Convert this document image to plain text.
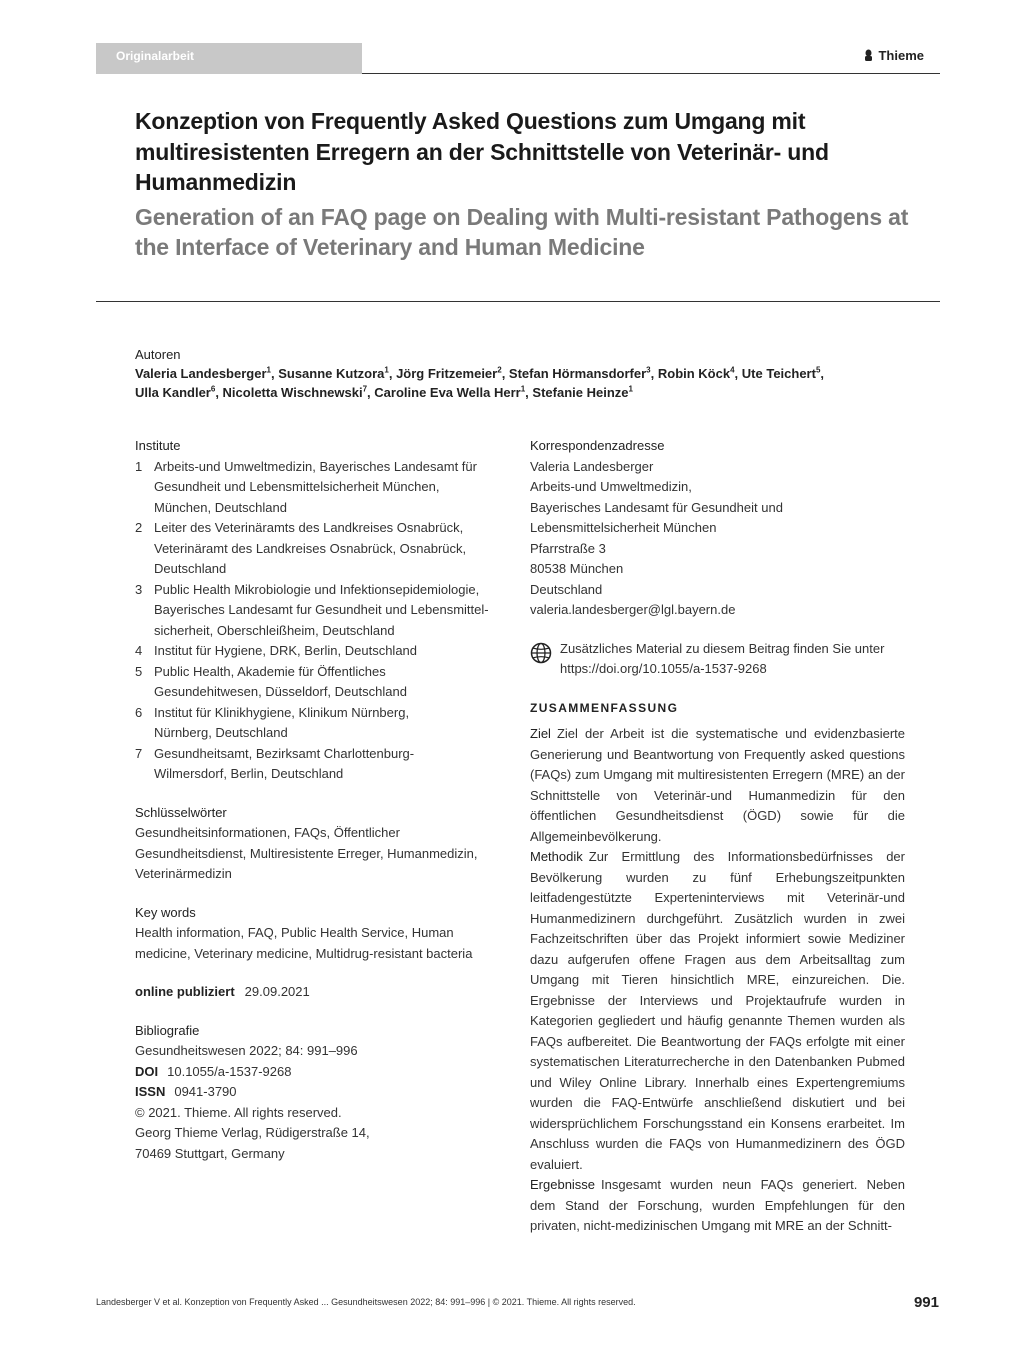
Originalarbeit	Thieme
Konzeption von Frequently Asked Questions zum Umgang mit multiresistenten Erregern an der Schnittstelle von Veterinär- und Humanmedizin
Generation of an FAQ page on Dealing with Multi-resistant Pathogens at the Interface of Veterinary and Human Medicine
Autoren
Valeria Landesberger$^1$, Susanne Kutzora$^1$, Jörg Fritzemeier$^2$, Stefan Hörmansdorfer$^3$, Robin Köck$^4$, Ute Teichert$^5$,
Ulla Kandler$^6$, Nicoletta Wischnewski$^7$, Caroline Eva Wella Herr$^1$, Stefanie Heinze$^1$
Institute
1 Arbeits-und Umweltmedizin, Bayerisches Landesamt für
Gesundheit und Lebensmittelsicherheit München,
München, Deutschland
2 Leiter des Veterinäramts des Landkreises Osnabrück,
Veterinäramt des Landkreises Osnabrück, Osnabrück,
Deutschland
3 Public Health Mikrobiologie und Infektionsepidemiologie,
Bayerisches Landesamt fur Gesundheit und Lebensmittel-
sicherheit, Oberschleißheim, Deutschland
4 Institut für Hygiene, DRK, Berlin, Deutschland
5 Public Health, Akademie für Öffentliches
Gesundehitwesen, Düsseldorf, Deutschland
6 Institut für Klinikhygiene, Klinikum Nürnberg,
Nürnberg, Deutschland
7 Gesundheitsamt, Bezirksamt Charlottenburg-
Wilmersdorf, Berlin, Deutschland
Schlüsselwörter
Gesundheitsinformationen, FAQs, Öffentlicher
Gesundheitsdienst, Multiresistente Erreger, Humanmedizin,
Veterinärmedizin
Key words
Health information, FAQ, Public Health Service, Human
medicine, Veterinary medicine, Multidrug-resistant bacteria
online publiziert 29.09.2021
Bibliografie
Gesundheitswesen 2022; 84: 991–996
DOI 10.1055/a-1537-9268
ISSN 0941-3790
© 2021. Thieme. All rights reserved.
Georg Thieme Verlag, Rüdigerstraße 14,
70469 Stuttgart, Germany
Korrespondenzadresse
Valeria Landesberger
Arbeits-und Umweltmedizin,
Bayerisches Landesamt für Gesundheit und
Lebensmittelsicherheit München
Pfarrstraße 3
80538 München
Deutschland
valeria.landesberger@lgl.bayern.de
Zusätzliches Material zu diesem Beitrag finden Sie unter
https://doi.org/10.1055/a-1537-9268
ZUSAMMENFASSUNG
Ziel Ziel der Arbeit ist die systematische und evidenzbasierte Generierung und Beantwortung von Frequently asked questions (FAQs) zum Umgang mit multiresistenten Erregern (MRE) an der Schnittstelle von Veterinär-und Humanmedizin für den öffentlichen Gesundheitsdienst (ÖGD) sowie für die Allgemeinbevölkerung.
Methodik Zur Ermittlung des Informationsbedürfnisses der Bevölkerung wurden zu fünf Erhebungszeitpunkten leitfadengestützte Experteninterviews mit Veterinär-und Humanmedizinern durchgeführt. Zusätzlich wurden in zwei Fachzeitschriften über das Projekt informiert sowie Mediziner dazu aufgerufen offene Fragen aus dem Arbeitsalltag zum Umgang mit Tieren hinsichtlich MRE, einzureichen. Die. Ergebnisse der Interviews und Projektaufrufe wurden in Kategorien gegliedert und häufig genannte Themen wurden als FAQs aufbereitet. Die Beantwortung der FAQs erfolgte mit einer systematischen Literaturrecherche in den Datenbanken Pubmed und Wiley Online Library. Innerhalb eines Expertengremiums wurden die FAQ-Entwürfe anschließend diskutiert und bei widersprüchlichem Forschungsstand ein Konsens erarbeitet. Im Anschluss wurden die FAQs von Humanmedizinern des ÖGD evaluiert.
Ergebnisse Insgesamt wurden neun FAQs generiert. Neben dem Stand der Forschung, wurden Empfehlungen für den privaten, nicht-medizinischen Umgang mit MRE an der Schnitt-
Landesberger V et al. Konzeption von Frequently Asked ... Gesundheitswesen 2022; 84: 991–996 | © 2021. Thieme. All rights reserved.	991
